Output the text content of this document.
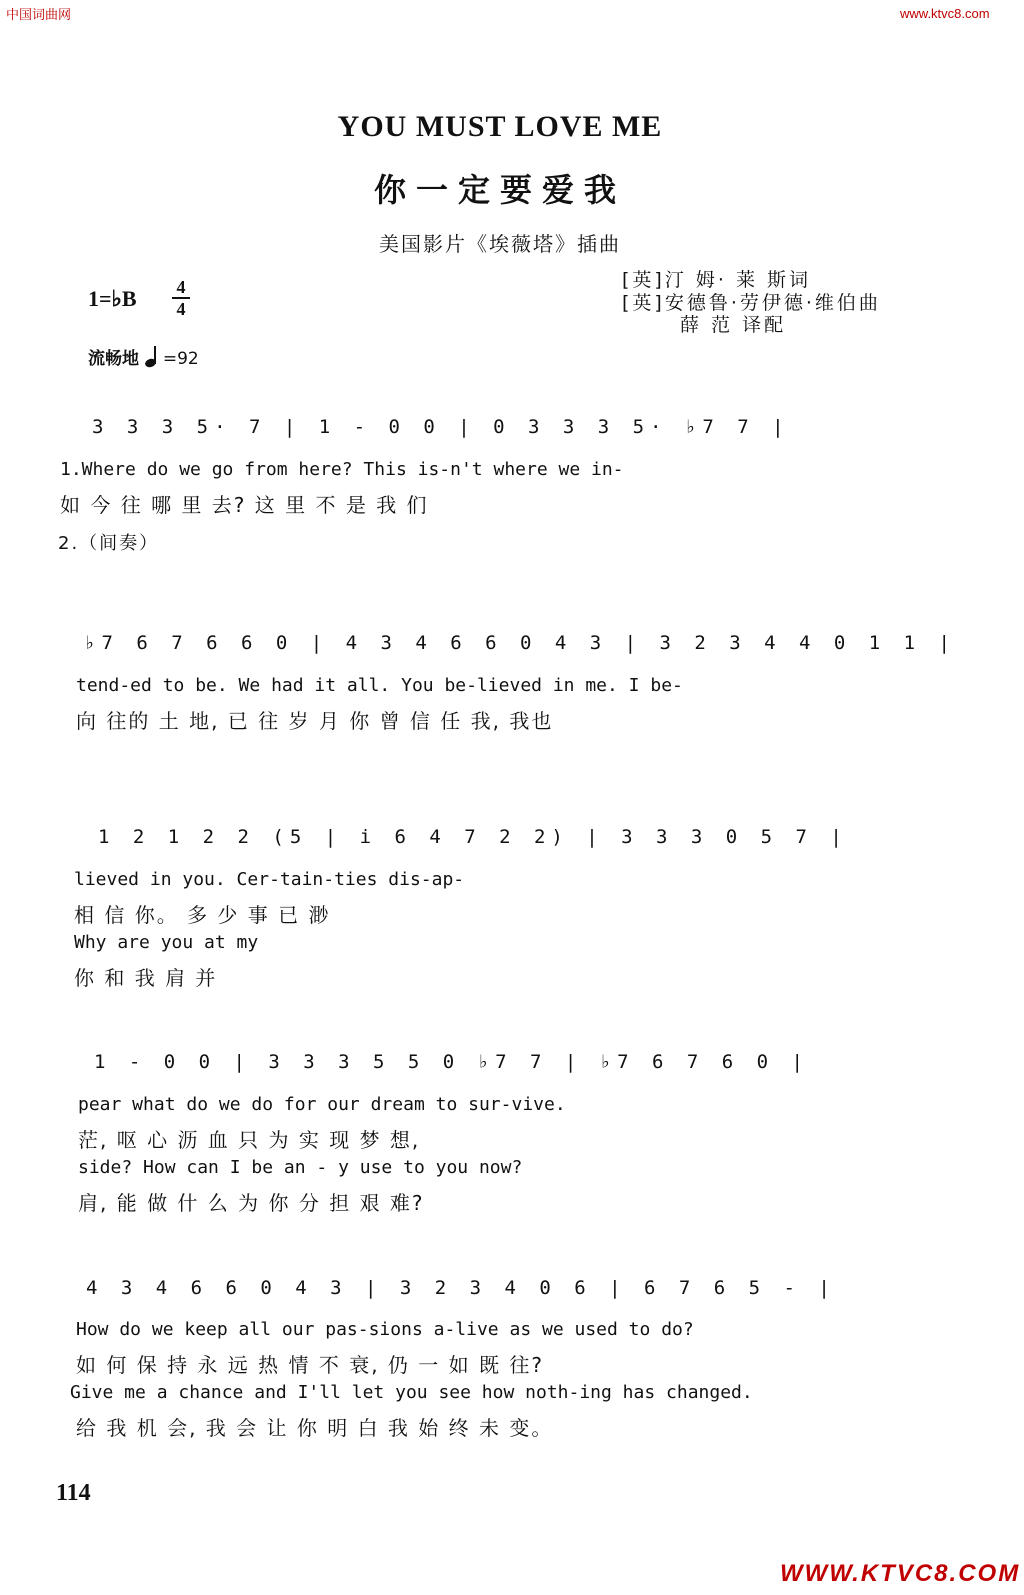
中国词曲网	www.ktvc8.com
YOU MUST LOVE ME
你一定要爱我
美国影片《埃薇塔》插曲
[英]汀 姆· 莱 斯词
[英]安德鲁·劳伊德·维伯曲
薛 范 译配
1=♭B	4
4
流畅地 =92
3 3 3 5· 7 | 1 - 0 0 | 0 3 3 3 5· ♭7 7 |
1.Where do we go from here? This is-n't where we in-
如 今 往 哪 里 去? 这 里 不 是 我 们
2.（间奏）
♭7 6 7 6 6 0 | 4 3 4 6 6 0 4 3 | 3 2 3 4 4 0 1 1 |
tend-ed to be. We had it all. You be-lieved in me. I be-
向 往的 土 地, 已 往 岁 月 你 曾 信 任 我, 我也
1 2 1 2 2 (5 | i 6 4 7 2 2) | 3 3 3 0 5 7 |
lieved in you. Cer-tain-ties dis-ap-
相 信 你。 多 少 事 已 渺
Why are you at my
你 和 我 肩 并
1 - 0 0 | 3 3 3 5 5 0 ♭7 7 | ♭7 6 7 6 0 |
pear what do we do for our dream to sur-vive.
茫, 呕 心 沥 血 只 为 实 现 梦 想,
side? How can I be an - y use to you now?
肩, 能 做 什 么 为 你 分 担 艰 难?
4 3 4 6 6 0 4 3 | 3 2 3 4 0 6 | 6 7 6 5 - |
How do we keep all our pas-sions a-live as we used to do?
如 何 保 持 永 远 热 情 不 衰, 仍 一 如 既 往?
Give me a chance and I'll let you see how noth-ing has changed.
给 我 机 会, 我 会 让 你 明 白 我 始 终 未 变。
114
WWW.KTVC8.COM
